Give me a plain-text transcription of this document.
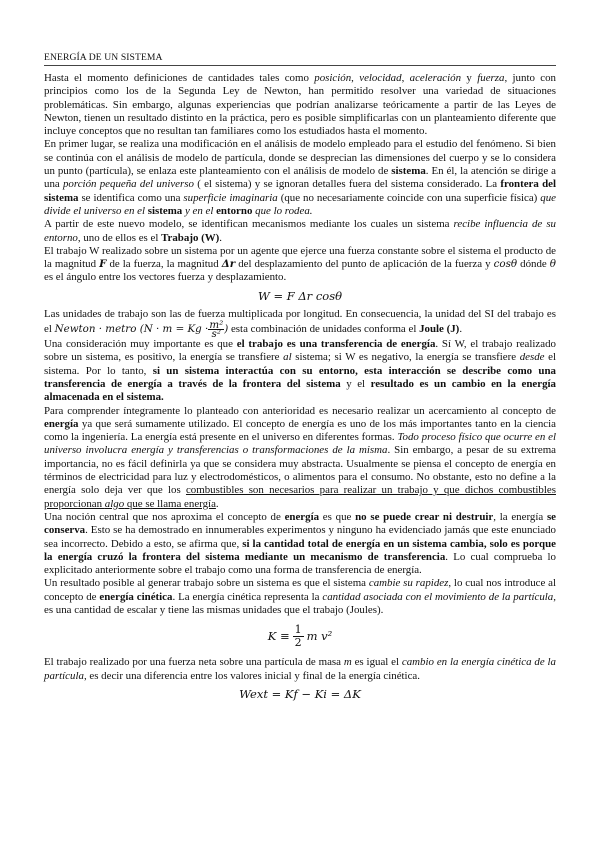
ENERGÍA DE UN SISTEMA

Hasta el momento definiciones de cantidades tales como posición, velocidad, aceleración y fuerza, junto con principios como los de la Segunda Ley de Newton, han permitido resolver una variedad de situaciones problemáticas. Sin embargo, algunas experiencias que podrían analizarse teóricamente a partir de las Leyes de Newton, tienen un resultado distinto en la práctica, pero es posible simplificarlas con un planteamiento diferente que incluye conceptos que no resultan tan familiares como los estudiados hasta el momento.

En primer lugar, se realiza una modificación en el análisis de modelo empleado para el estudio del fenómeno. Si bien se continúa con el análisis de modelo de partícula, donde se desprecian las dimensiones del cuerpo y se lo considera un punto (partícula), se enlaza este planteamiento con el análisis de modelo de sistema. En él, la atención se dirige a una porción pequeña del universo ( el sistema) y se ignoran detalles fuera del sistema considerado. La frontera del sistema se identifica como una superficie imaginaria (que no necesariamente coincide con una superficie física) que divide el universo en el sistema y en el entorno que lo rodea.

A partir de este nuevo modelo, se identifican mecanismos mediante los cuales un sistema recibe influencia de su entorno, uno de ellos es el Trabajo (W).

El trabajo W realizado sobre un sistema por un agente que ejerce una fuerza constante sobre el sistema el producto de la magnitud F de la fuerza, la magnitud Δr del desplazamiento del punto de aplicación de la fuerza y cosθ dónde θ es el ángulo entre los vectores fuerza y desplazamiento.

W = F Δr cosθ

Las unidades de trabajo son las de fuerza multiplicada por longitud. En consecuencia, la unidad del SI del trabajo es el Newton · metro ($N \cdot m = Kg \cdot \frac{\text{m²}}{\text{s²}}$ ) esta combinación de unidades conforma el Joule (J).

Una consideración muy importante es que el trabajo es una transferencia de energía. Sí W, el trabajo realizado sobre un sistema, es positivo, la energía se transfiere al sistema; si W es negativo, la energía se transfiere desde el sistema. Por lo tanto, si un sistema interactúa con su entorno, esta interacción se describe como una transferencia de energía a través de la frontera del sistema y el resultado es un cambio en la energía almacenada en el sistema.

Para comprender íntegramente lo planteado con anterioridad es necesario realizar un acercamiento al concepto de energía ya que será sumamente utilizado. El concepto de energía es uno de los más importantes tanto en la ciencia como la ingeniería. La energía está presente en el universo en diferentes formas. Todo proceso físico que ocurre en el universo involucra energía y transferencias o transformaciones de la misma. Sin embargo, a pesar de su extrema importancia, no es fácil definirla ya que se considera muy abstracta. Usualmente se piensa el concepto de energía en términos de electricidad para luz y electrodomésticos, o alimentos para el consumo. No obstante, esto no define a la energía solo deja ver que los combustibles son necesarios para realizar un trabajo y que dichos combustibles proporcionan algo que se llama energía.

Una noción central que nos aproxima el concepto de energía es que no se puede crear ni destruir, la energía se conserva. Esto se ha demostrado en innumerables experimentos y ninguno ha evidenciado jamás que este enunciado sea incorrecto. Debido a esto, se afirma que, si la cantidad total de energía en un sistema cambia, solo es porque la energía cruzó la frontera del sistema mediante un mecanismo de transferencia. Lo cual comprueba lo explicitado anteriormente sobre el trabajo como una forma de transferencia de energía.

Un resultado posible al generar trabajo sobre un sistema es que el sistema cambie su rapidez, lo cual nos introduce al concepto de energía cinética. La energía cinética representa la cantidad asociada con el movimiento de la partícula, es una cantidad de escalar y tiene las mismas unidades que el trabajo (Joules).

K ≡ 1
2 m v²

El trabajo realizado por una fuerza neta sobre una partícula de masa m es igual el cambio en la energía cinética de la partícula, es decir una diferencia entre los valores inicial y final de la energía cinética.

Wext = Kf − Ki = ΔK
